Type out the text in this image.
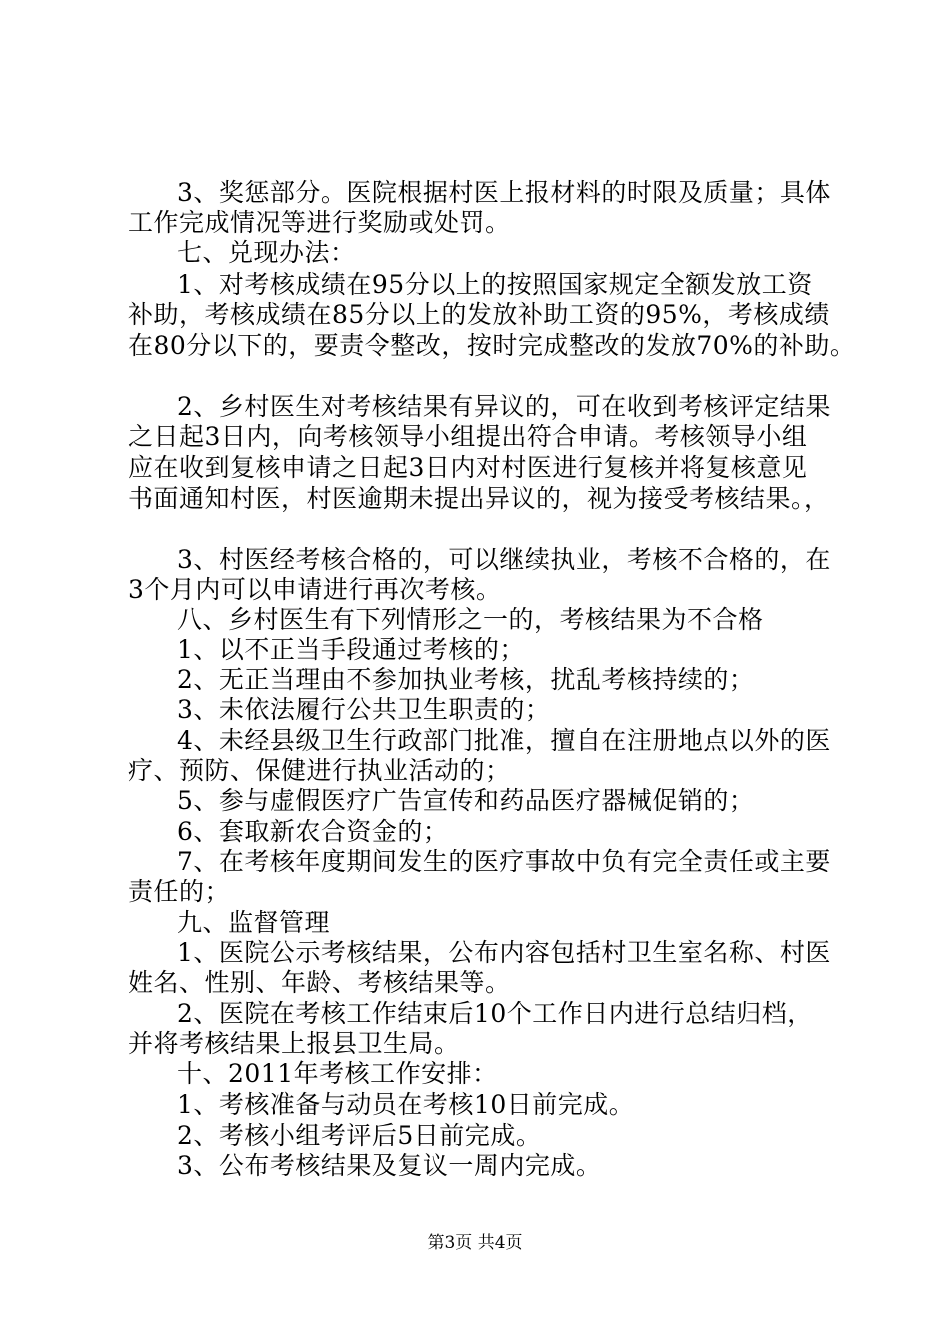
3、奖惩部分。医院根据村医上报材料的时限及质量；具体
工作完成情况等进行奖励或处罚。
七、兑现办法：
1、对考核成绩在95分以上的按照国家规定全额发放工资
补助，考核成绩在85分以上的发放补助工资的95%，考核成绩
在80分以下的，要责令整改，按时完成整改的发放70%的补助。
2、乡村医生对考核结果有异议的，可在收到考核评定结果
之日起3日内，向考核领导小组提出符合申请。考核领导小组
应在收到复核申请之日起3日内对村医进行复核并将复核意见
书面通知村医，村医逾期未提出异议的，视为接受考核结果。，
3、村医经考核合格的，可以继续执业，考核不合格的，在
3个月内可以申请进行再次考核。
八、乡村医生有下列情形之一的，考核结果为不合格
1、以不正当手段通过考核的；
2、无正当理由不参加执业考核，扰乱考核持续的；
3、未依法履行公共卫生职责的；
4、未经县级卫生行政部门批准，擅自在注册地点以外的医
疗、预防、保健进行执业活动的；
5、参与虚假医疗广告宣传和药品医疗器械促销的；
6、套取新农合资金的；
7、在考核年度期间发生的医疗事故中负有完全责任或主要
责任的；
九、监督管理
1、医院公示考核结果，公布内容包括村卫生室名称、村医
姓名、性别、年龄、考核结果等。
2、医院在考核工作结束后10个工作日内进行总结归档，
并将考核结果上报县卫生局。
十、2011年考核工作安排：
1、考核准备与动员在考核10日前完成。
2、考核小组考评后5日前完成。
3、公布考核结果及复议一周内完成。
第3页 共4页
